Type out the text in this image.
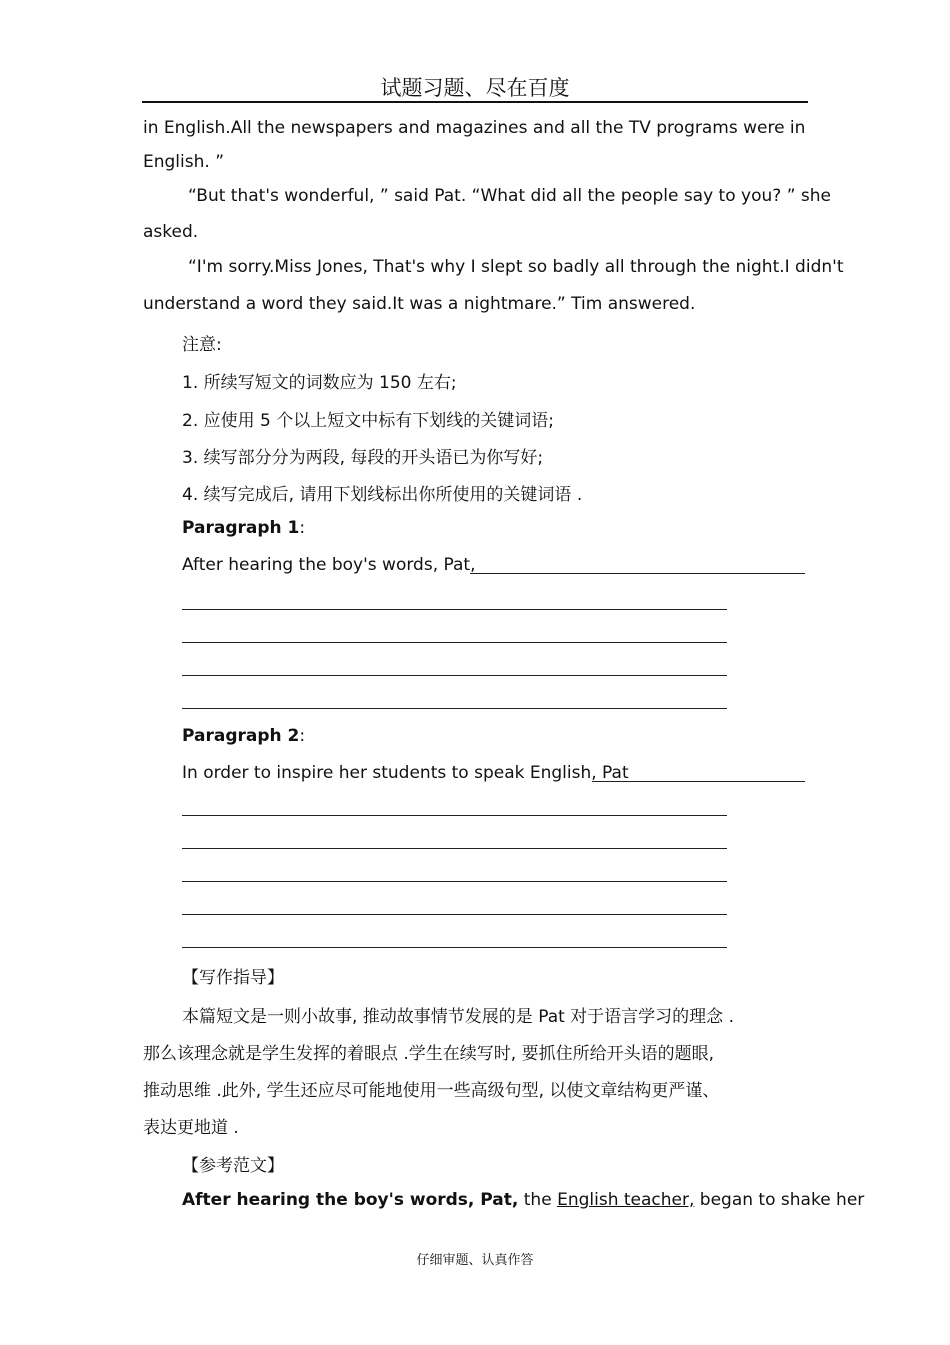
试题习题、尽在百度
in English.All the newspapers and magazines and all the TV programs were in
English. ”
“But that's wonderful, ” said Pat. “What did all the people say to you? ” she
asked.
“I'm sorry.Miss Jones, That's why I slept so badly all through the night.I didn't
understand a word they said.It was a nightmare.” Tim answered.
注意:
1. 所续写短文的词数应为 150 左右;
2. 应使用 5 个以上短文中标有下划线的关键词语;
3. 续写部分分为两段, 每段的开头语已为你写好;
4. 续写完成后, 请用下划线标出你所使用的关键词语 .
Paragraph 1:
After hearing the boy's words, Pat,
Paragraph 2:
In order to inspire her students to speak English, Pat
【写作指导】
本篇短文是一则小故事, 推动故事情节发展的是 Pat 对于语言学习的理念 .
那么该理念就是学生发挥的着眼点 .学生在续写时, 要抓住所给开头语的题眼,
推动思维 .此外, 学生还应尽可能地使用一些高级句型, 以使文章结构更严谨、
表达更地道 .
【参考范文】
After hearing the boy's words, Pat, the English teacher, began to shake her
仔细审题、认真作答
